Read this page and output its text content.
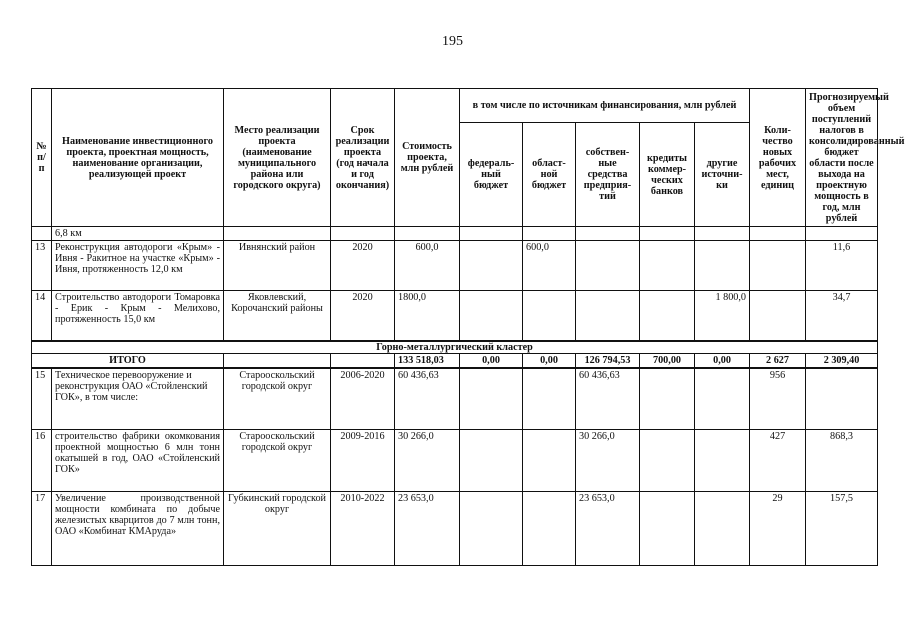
195
№ п/п	Наименование инвестиционного проекта, проектная мощность, наименование организации, реализующей проект	Место реализации проекта (наименование муниципального района или городского округа)	Срок реализации проекта (год начала и год окончания)	Стоимость проекта, млн рублей	в том числе по источникам финансирования, млн рублей					Коли-чество новых рабочих мест, единиц	Прогнозируемый объем поступлений налогов в консолидированный бюджет области после выхода на проектную мощность в год, млн рублей
					федераль-ный бюджет	област-ной бюджет	собствен-ные средства предприя-тий	кредиты коммер-ческих банков	другие источни-ки		
	6,8 км										
13	Реконструкция автодороги «Крым» - Ивня - Ракитное на участке «Крым» - Ивня, протяженность 12,0 км	Ивнянский район	2020	600,0		600,0					11,6
14	Строительство автодороги Томаровка - Ерик - Крым - Мелихово, протяженность 15,0 км	Яковлевский, Корочанский районы	2020	1800,0					1 800,0		34,7
Горно-металлургический кластер											
ИТОГО				133 518,03	0,00	0,00	126 794,53	700,00	0,00	2 627	2 309,40
15	Техническое перевооружение и реконструкция ОАО «Стойленский ГОК», в том числе:	Старооскольский городской округ	2006-2020	60 436,63			60 436,63			956	
16	строительство фабрики окомкования проектной мощностью 6 млн тонн окатышей в год, ОАО «Стойленский ГОК»	Старооскольский городской округ	2009-2016	30 266,0			30 266,0			427	868,3
17	Увеличение производственной мощности комбината по добыче железистых кварцитов до 7 млн тонн, ОАО «Комбинат КМАруда»	Губкинский городской округ	2010-2022	23 653,0			23 653,0			29	157,5
